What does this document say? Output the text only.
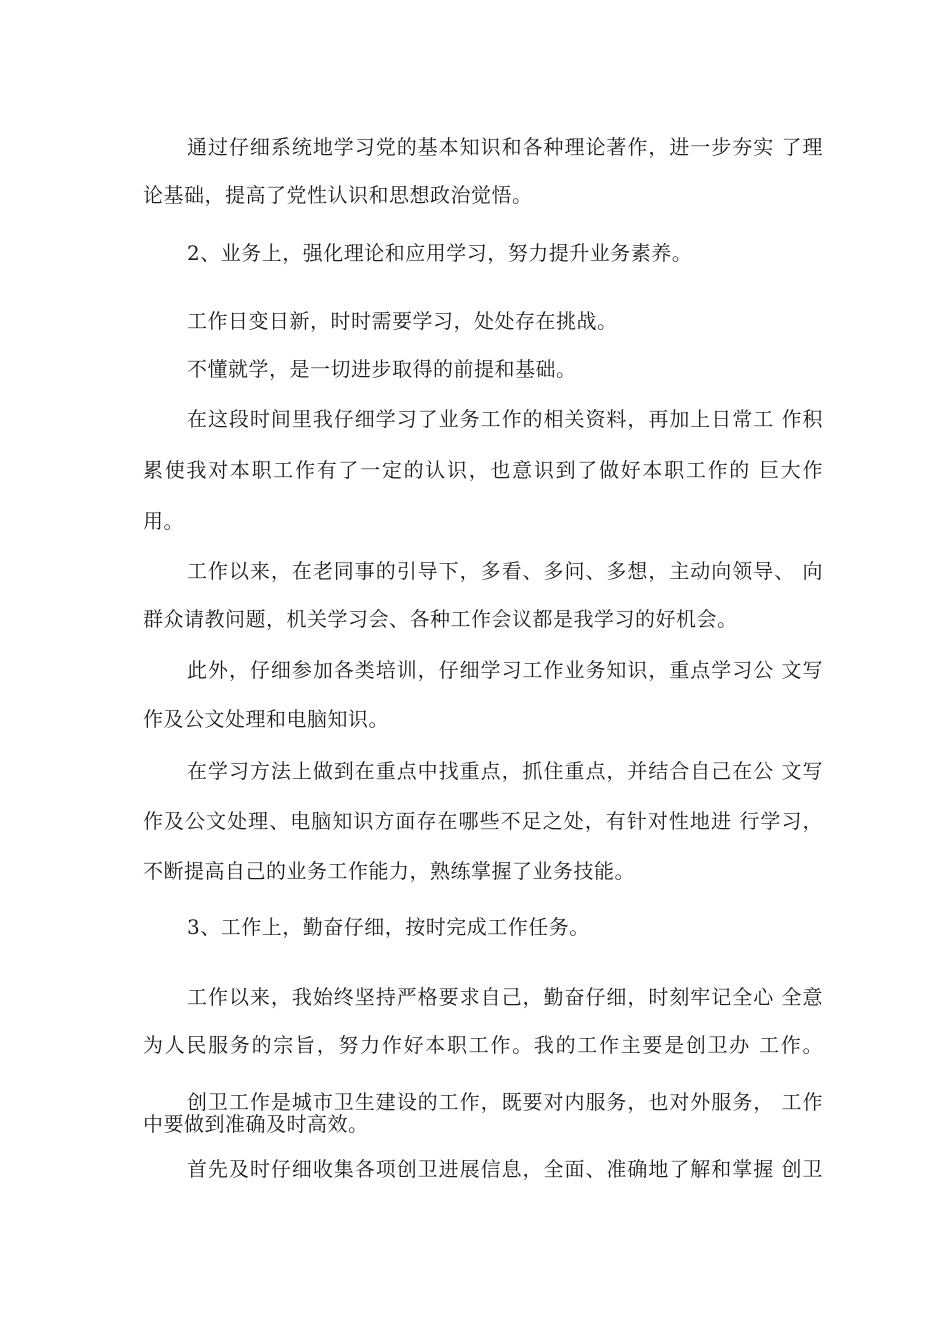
通过仔细系统地学习党的基本知识和各种理论著作，进一步夯实 了理
论基础，提高了党性认识和思想政治觉悟。
2、业务上，强化理论和应用学习，努力提升业务素养。
工作日变日新，时时需要学习，处处存在挑战。
不懂就学，是一切进步取得的前提和基础。
在这段时间里我仔细学习了业务工作的相关资料，再加上日常工 作积
累使我对本职工作有了一定的认识，也意识到了做好本职工作的 巨大作
用。
工作以来，在老同事的引导下，多看、多问、多想，主动向领导、 向
群众请教问题，机关学习会、各种工作会议都是我学习的好机会。
此外，仔细参加各类培训，仔细学习工作业务知识，重点学习公 文写
作及公文处理和电脑知识。
在学习方法上做到在重点中找重点，抓住重点，并结合自己在公 文写
作及公文处理、电脑知识方面存在哪些不足之处，有针对性地进 行学习，
不断提高自己的业务工作能力，熟练掌握了业务技能。
3、工作上，勤奋仔细，按时完成工作任务。
工作以来，我始终坚持严格要求自己，勤奋仔细，时刻牢记全心 全意
为人民服务的宗旨，努力作好本职工作。我的工作主要是创卫办 工作。
创卫工作是城市卫生建设的工作，既要对内服务，也对外服务， 工作
中要做到准确及时高效。
首先及时仔细收集各项创卫进展信息，全面、准确地了解和掌握 创卫
